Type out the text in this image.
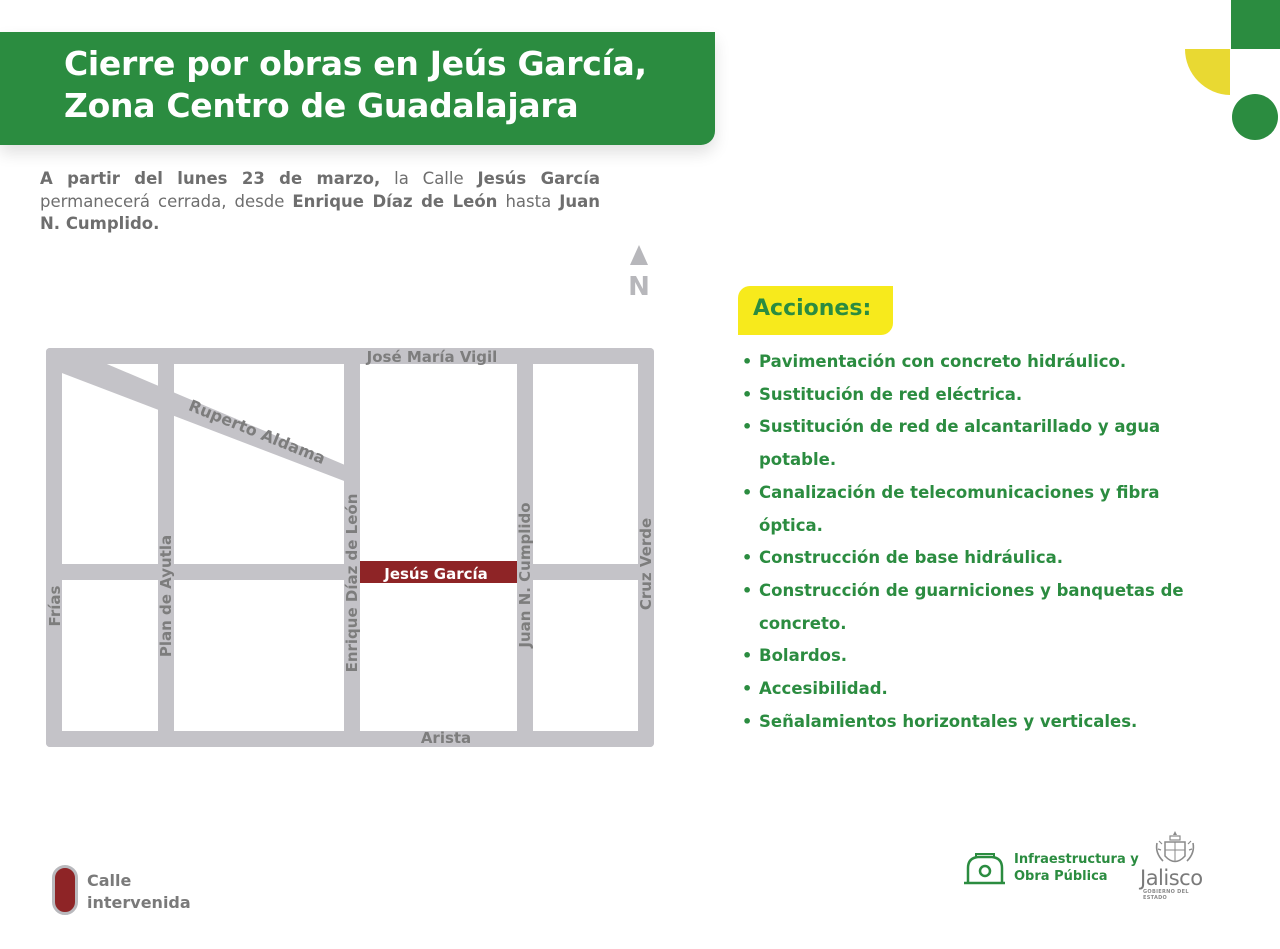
Cierre por obras en Jeús García,
Zona Centro de Guadalajara
A partir del lunes 23 de marzo, la Calle Jesús García permanecerá cerrada, desde Enrique Díaz de León hasta Juan N. Cumplido.
N
José María Vigil
Arista
Ruperto Aldama
Frías	Plan de Ayutla	Enrique Díaz de León	Juan N. Cumplido	Cruz Verde
Jesús García
Acciones:
• Pavimentación con concreto hidráulico.
• Sustitución de red eléctrica.
• Sustitución de red de alcantarillado y agua potable.
• Canalización de telecomunicaciones y fibra óptica.
• Construcción de base hidráulica.
• Construcción de guarniciones y banquetas de concreto.
• Bolardos.
• Accesibilidad.
• Señalamientos horizontales y verticales.
Calle intervenida
Infraestructura y Obra Pública	Jalisco
GOBIERNO DEL ESTADO
